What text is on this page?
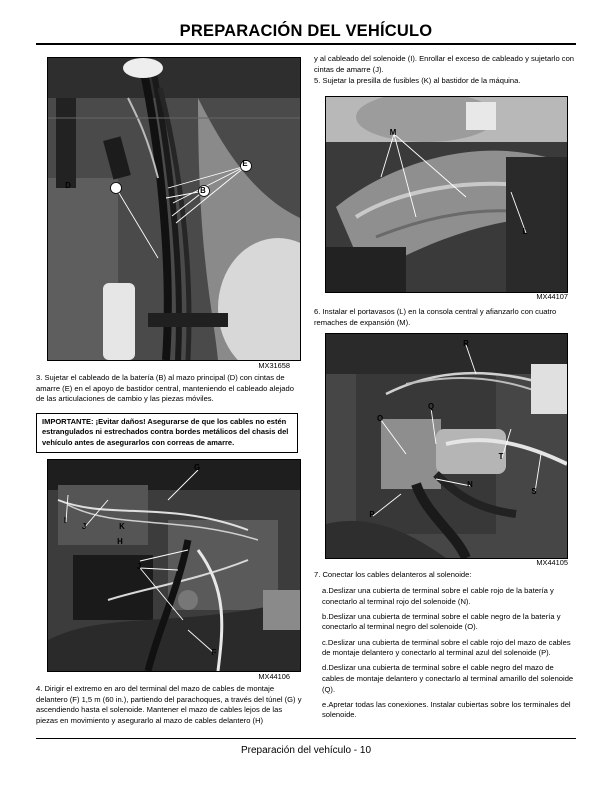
PREPARACIÓN DEL VEHÍCULO
D
E
B
MX31658
3. Sujetar el cableado de la batería (B) al mazo principal (D) con cintas de amarre (E) en el apoyo de bastidor central, manteniendo el cableado alejado de las articulaciones de cambio y las piezas móviles.
IMPORTANTE: ¡Evitar daños! Asegurarse de que los cables no estén estrangulados ni estrechados contra bordes metálicos del chasis del vehículo antes de asegurarlos con correas de amarre.
G
I
J	K
H
J
F
MX44106
4. Dirigir el extremo en aro del terminal del mazo de cables de montaje delantero (F) 1,5 m (60 in.), partiendo del parachoques, a través del túnel (G) y ascendiendo hasta el solenoide. Mantener el mazo de cables lejos de las piezas en movimiento y asegurarlo al mazo de cables delantero (H)
y al cableado del solenoide (I). Enrollar el exceso de cableado y sujetarlo con cintas de amarre (J).
5. Sujetar la presilla de fusibles (K) al bastidor de la máquina.
M
L
MX44107
6. Instalar el portavasos (L) en la consola central y afianzarlo con cuatro remaches de expansión (M).
R
Q
O
T
N
S
P
MX44105
7. Conectar los cables delanteros al solenoide:

a.Deslizar una cubierta de terminal sobre el cable rojo de la batería y conectarlo al terminal rojo del solenoide (N).

b.Deslizar una cubierta de terminal sobre el cable negro de la batería y conectarlo al terminal negro del solenoide (O).

c.Deslizar una cubierta de terminal sobre el cable rojo del mazo de cables de montaje delantero y conectarlo al terminal azul del solenoide (P).

d.Deslizar una cubierta de terminal sobre el cable negro del mazo de cables de montaje delantero y conectarlo al terminal amarillo del solenoide (Q).

e.Apretar todas las conexiones. Instalar cubiertas sobre los terminales del solenoide.

Preparación del vehículo - 10
